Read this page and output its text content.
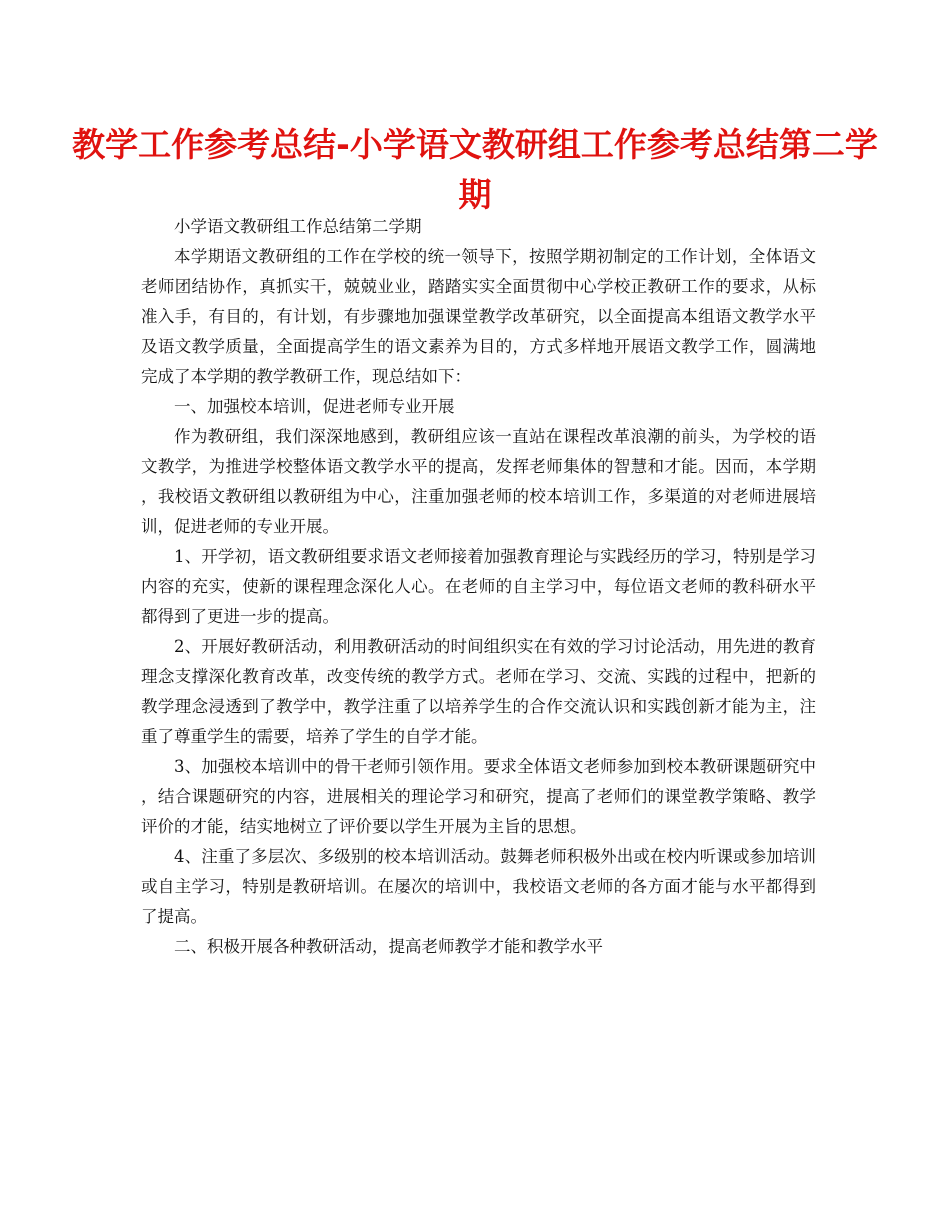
教学工作参考总结-小学语文教研组工作参考总结第二学期

小学语文教研组工作总结第二学期

本学期语文教研组的工作在学校的统一领导下，按照学期初制定的工作计划，全体语文老师团结协作，真抓实干，兢兢业业，踏踏实实全面贯彻中心学校正教研工作的要求，从标准入手，有目的，有计划，有步骤地加强课堂教学改革研究，以全面提高本组语文教学水平及语文教学质量，全面提高学生的语文素养为目的，方式多样地开展语文教学工作，圆满地完成了本学期的教学教研工作，现总结如下：

一、加强校本培训，促进老师专业开展

作为教研组，我们深深地感到，教研组应该一直站在课程改革浪潮的前头，为学校的语文教学，为推进学校整体语文教学水平的提高，发挥老师集体的智慧和才能。因而，本学期，我校语文教研组以教研组为中心，注重加强老师的校本培训工作，多渠道的对老师进展培训，促进老师的专业开展。

1、开学初，语文教研组要求语文老师接着加强教育理论与实践经历的学习，特别是学习内容的充实，使新的课程理念深化人心。在老师的自主学习中，每位语文老师的教科研水平都得到了更进一步的提高。

2、开展好教研活动，利用教研活动的时间组织实在有效的学习讨论活动，用先进的教育理念支撑深化教育改革，改变传统的教学方式。老师在学习、交流、实践的过程中，把新的教学理念浸透到了教学中，教学注重了以培养学生的合作交流认识和实践创新才能为主，注重了尊重学生的需要，培养了学生的自学才能。

3、加强校本培训中的骨干老师引领作用。要求全体语文老师参加到校本教研课题研究中，结合课题研究的内容，进展相关的理论学习和研究，提高了老师们的课堂教学策略、教学评价的才能，结实地树立了评价要以学生开展为主旨的思想。

4、注重了多层次、多级别的校本培训活动。鼓舞老师积极外出或在校内听课或参加培训或自主学习，特别是教研培训。在屡次的培训中，我校语文老师的各方面才能与水平都得到了提高。

二、积极开展各种教研活动，提高老师教学才能和教学水平
